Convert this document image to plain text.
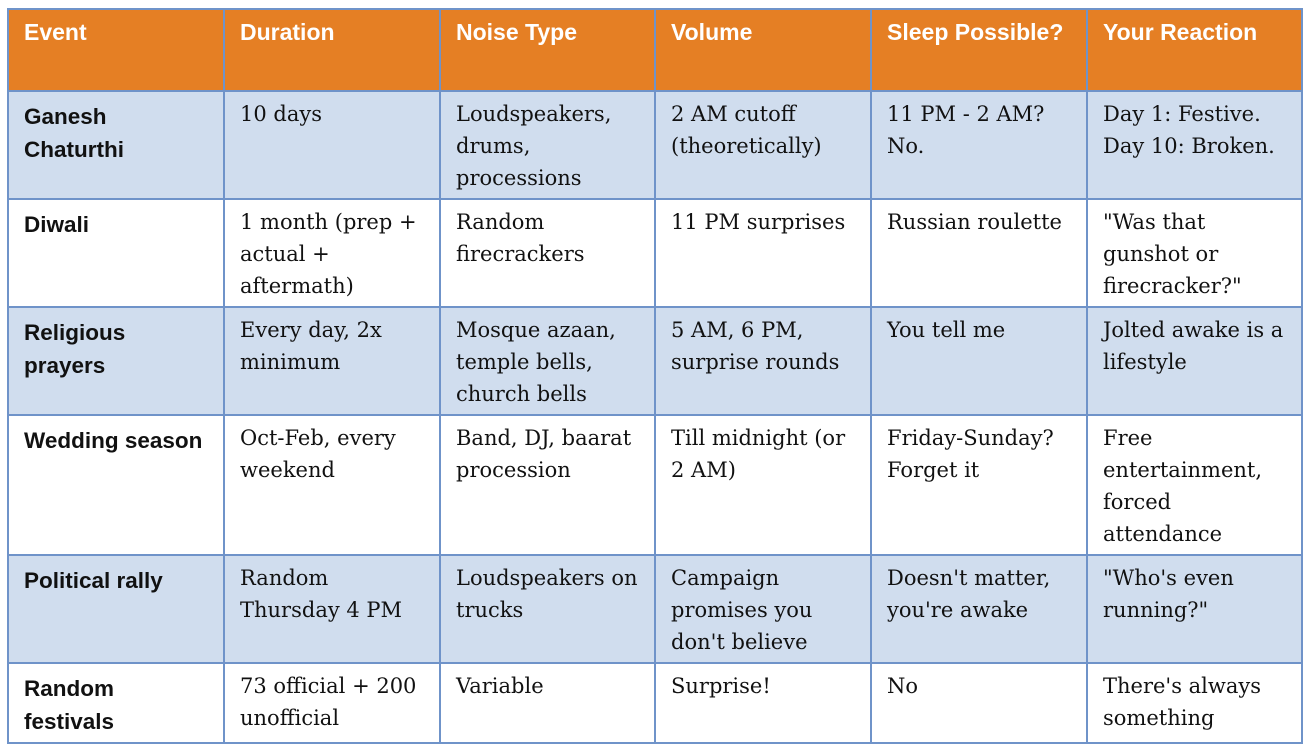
Event	Duration	Noise Type	Volume	Sleep Possible?	Your Reaction
Ganesh Chaturthi	10 days	Loudspeakers, drums, processions	2 AM cutoff (theoretically)	11 PM - 2 AM? No.	Day 1: Festive. Day 10: Broken.
Diwali	1 month (prep + actual + aftermath)	Random firecrackers	11 PM surprises	Russian roulette	"Was that gunshot or firecracker?"
Religious prayers	Every day, 2x minimum	Mosque azaan, temple bells, church bells	5 AM, 6 PM, surprise rounds	You tell me	Jolted awake is a lifestyle
Wedding season	Oct-Feb, every weekend	Band, DJ, baarat procession	Till midnight (or 2 AM)	Friday-Sunday? Forget it	Free entertainment, forced attendance
Political rally	Random Thursday 4 PM	Loudspeakers on trucks	Campaign promises you don't believe	Doesn't matter, you're awake	"Who's even running?"
Random festivals	73 official + 200 unofficial	Variable	Surprise!	No	There's always something
